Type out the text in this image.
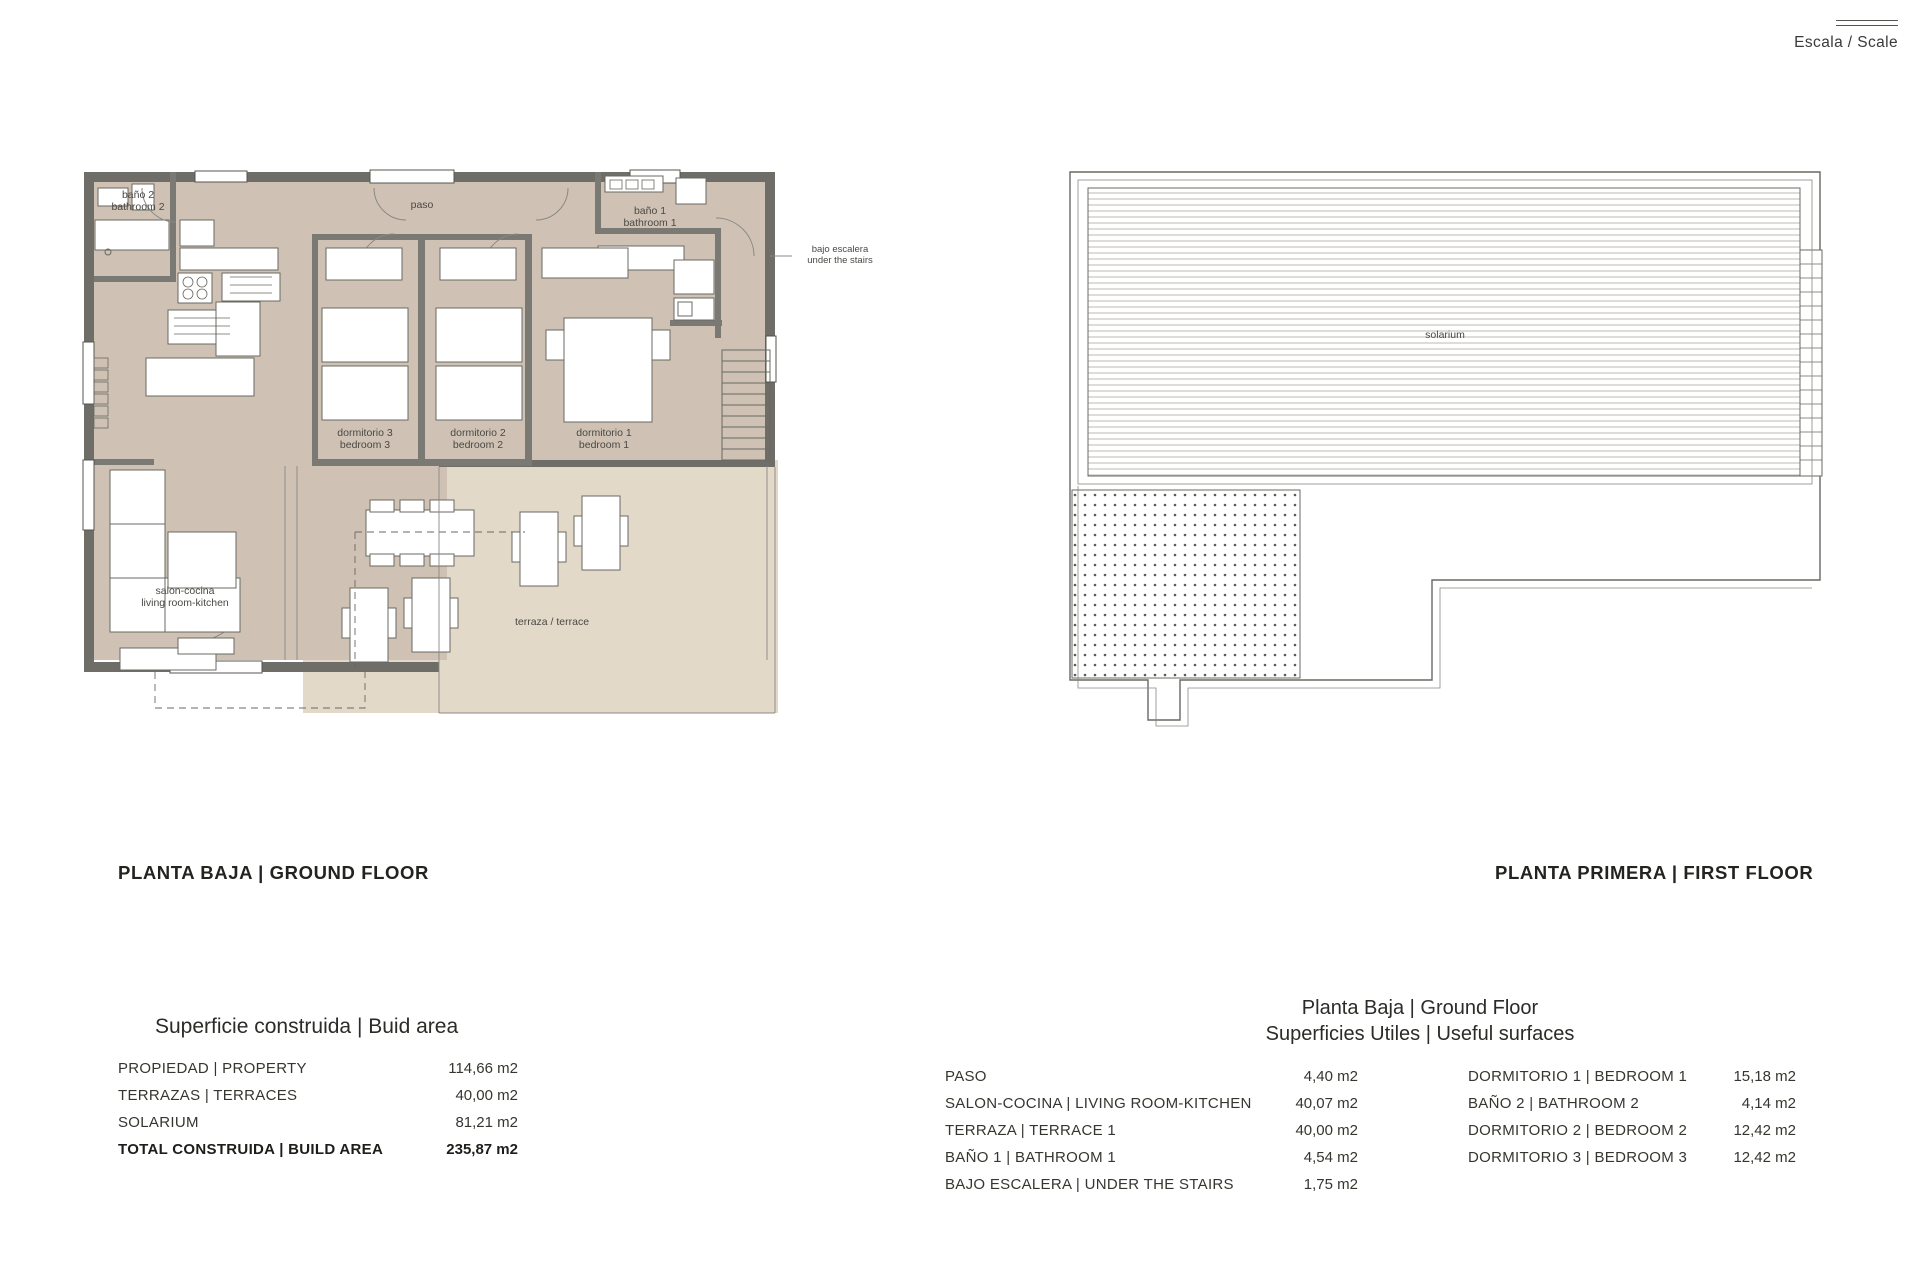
Escala / Scale
baño 2
bathroom 2	paso	baño 1
bathroom 1
bajo escalera
under the stairs
dormitorio 3
bedroom 3
dormitorio 2
bedroom 2
dormitorio 1
bedroom 1
salon-cocina
living room-kitchen
terraza / terrace
solarium
PLANTA BAJA | GROUND FLOOR	PLANTA PRIMERA | FIRST FLOOR
Superficie construida | Buid area
PROPIEDAD | PROPERTY	114,66 m2
TERRAZAS | TERRACES	40,00 m2
SOLARIUM	81,21 m2
TOTAL CONSTRUIDA | BUILD AREA	235,87 m2
Planta Baja | Ground Floor
Superficies Utiles | Useful surfaces
PASO	4,40 m2
SALON-COCINA | LIVING ROOM-KITCHEN	40,07 m2
TERRAZA | TERRACE 1	40,00 m2
BAÑO 1 | BATHROOM 1	4,54 m2
BAJO ESCALERA | UNDER THE STAIRS	1,75 m2
DORMITORIO 1 | BEDROOM 1	15,18 m2
BAÑO 2 | BATHROOM 2	4,14 m2
DORMITORIO 2 | BEDROOM 2	12,42 m2
DORMITORIO 3 | BEDROOM 3	12,42 m2
